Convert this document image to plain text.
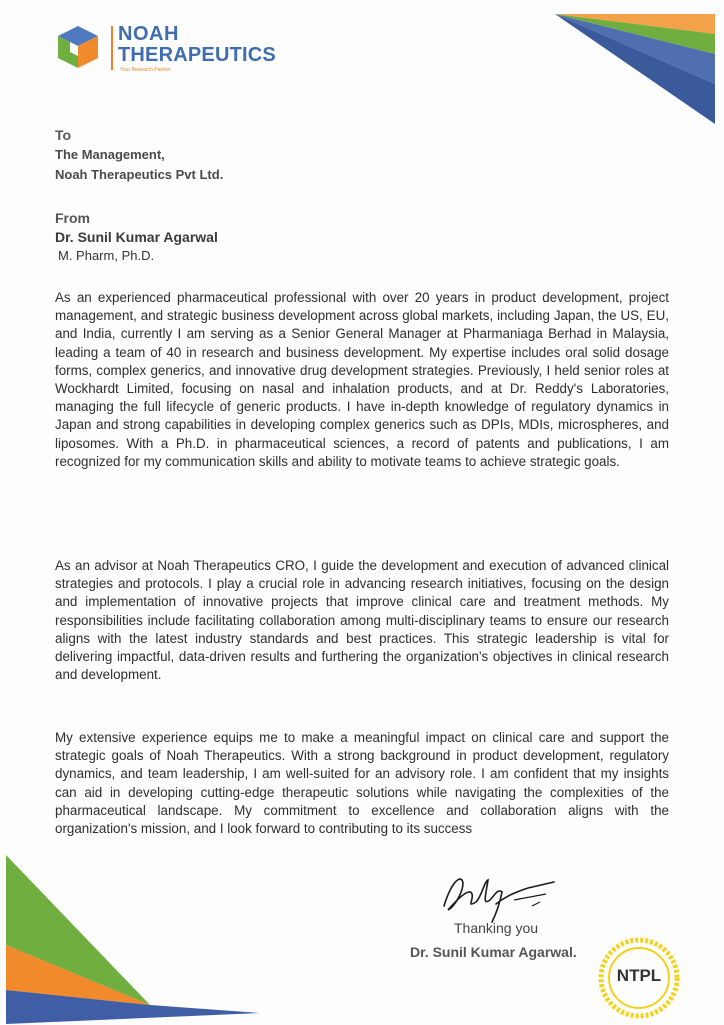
NOAH
THERAPEUTICS
Your Research Partner
To
The Management,
Noah Therapeutics Pvt Ltd.
From
Dr. Sunil Kumar Agarwal
M. Pharm, Ph.D.

As an experienced pharmaceutical professional with over 20 years in product development, project management, and strategic business development across global markets, including Japan, the US, EU, and India, currently I am serving as a Senior General Manager at Pharmaniaga Berhad in Malaysia, leading a team of 40 in research and business development. My expertise includes oral solid dosage forms, complex generics, and innovative drug development strategies. Previously, I held senior roles at Wockhardt Limited, focusing on nasal and inhalation products, and at Dr. Reddy's Laboratories, managing the full lifecycle of generic products. I have in-depth knowledge of regulatory dynamics in Japan and strong capabilities in developing complex generics such as DPIs, MDIs, microspheres, and liposomes. With a Ph.D. in pharmaceutical sciences, a record of patents and publications, I am recognized for my communication skills and ability to motivate teams to achieve strategic goals.

As an advisor at Noah Therapeutics CRO, I guide the development and execution of advanced clinical strategies and protocols. I play a crucial role in advancing research initiatives, focusing on the design and implementation of innovative projects that improve clinical care and treatment methods. My responsibilities include facilitating collaboration among multi-disciplinary teams to ensure our research aligns with the latest industry standards and best practices. This strategic leadership is vital for delivering impactful, data-driven results and furthering the organization's objectives in clinical research and development.

My extensive experience equips me to make a meaningful impact on clinical care and support the strategic goals of Noah Therapeutics. With a strong background in product development, regulatory dynamics, and team leadership, I am well-suited for an advisory role. I am confident that my insights can aid in developing cutting-edge therapeutic solutions while navigating the complexities of the pharmaceutical landscape. My commitment to excellence and collaboration aligns with the organization's mission, and I look forward to contributing to its success

Thanking you
Dr. Sunil Kumar Agarwal.
NTPL
